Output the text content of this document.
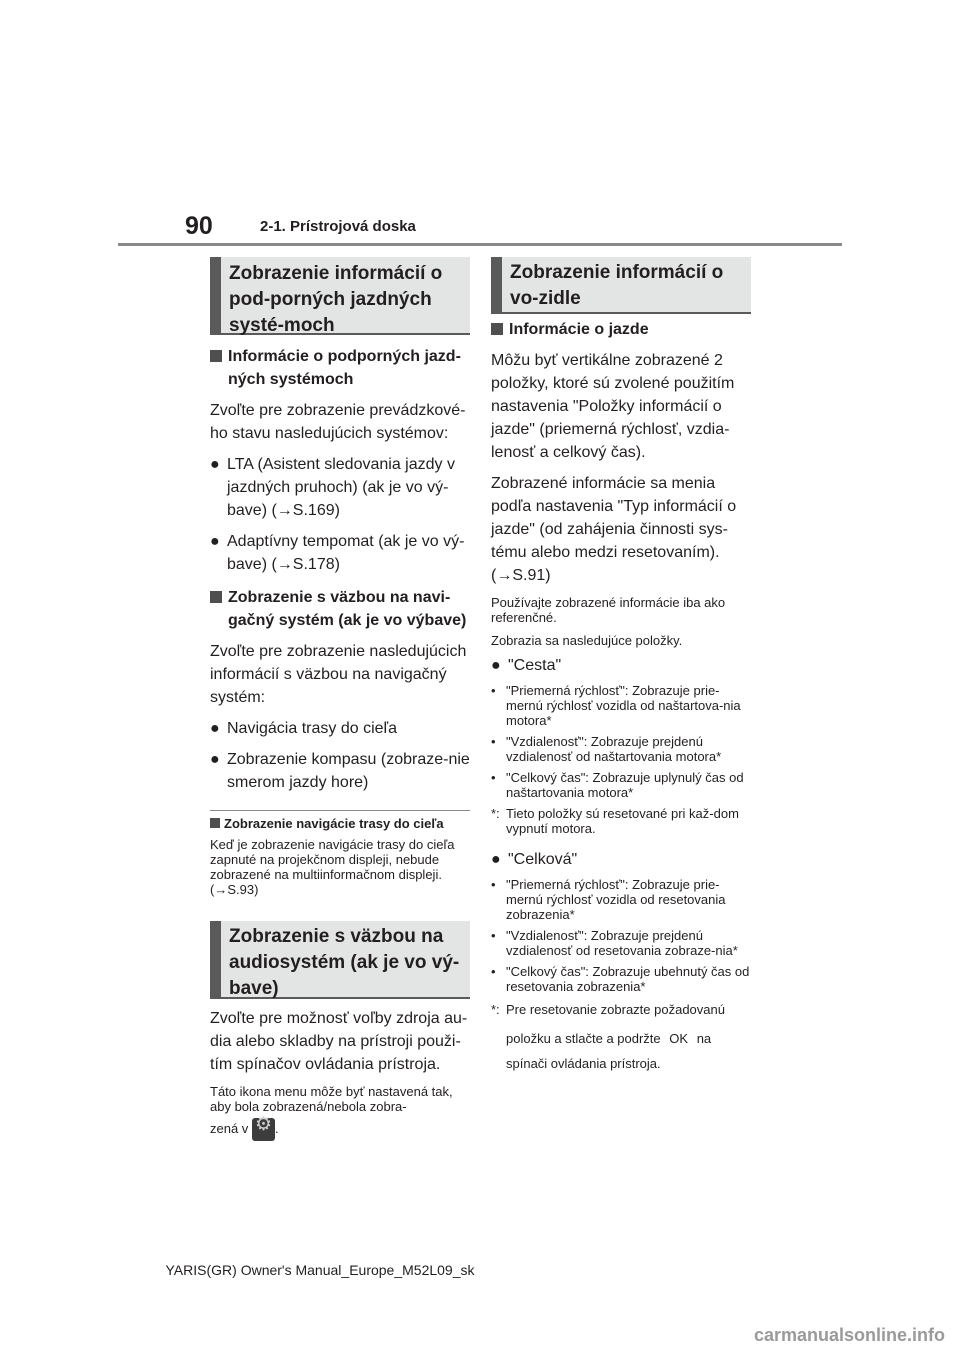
90	2-1. Prístrojová doska
Zobrazenie informácií o pod-porných jazdných systé-moch
Informácie o podporných jazd-ných systémoch
Zvoľte pre zobrazenie prevádzkové-ho stavu nasledujúcich systémov:
● LTA (Asistent sledovania jazdy v jazdných pruhoch) (ak je vo vý-bave) (→S.169)
● Adaptívny tempomat (ak je vo vý-bave) (→S.178)
Zobrazenie s väzbou na navi-gačný systém (ak je vo výbave)
Zvoľte pre zobrazenie nasledujúcich informácií s väzbou na navigačný systém:
● Navigácia trasy do cieľa
● Zobrazenie kompasu (zobraze-nie smerom jazdy hore)
Zobrazenie navigácie trasy do cieľa
Keď je zobrazenie navigácie trasy do cieľa zapnuté na projekčnom displeji, nebude zobrazené na multiinformačnom displeji. (→S.93)
Zobrazenie s väzbou na audiosystém (ak je vo vý-bave)
Zvoľte pre možnosť voľby zdroja au-dia alebo skladby na prístroji použi-tím spínačov ovládania prístroja.
Táto ikona menu môže byť nastavená tak, aby bola zobrazená/nebola zobra-
zená v ⚙ .
Zobrazenie informácií o vo-zidle
Informácie o jazde
Môžu byť vertikálne zobrazené 2 položky, ktoré sú zvolené použitím nastavenia "Položky informácií o jazde" (priemerná rýchlosť, vzdia-lenosť a celkový čas).
Zobrazené informácie sa menia podľa nastavenia "Typ informácií o jazde" (od zahájenia činnosti sys-tému alebo medzi resetovaním). (→S.91)
Používajte zobrazené informácie iba ako referenčné.
Zobrazia sa nasledujúce položky.
● "Cesta"
• "Priemerná rýchlosť": Zobrazuje prie-mernú rýchlosť vozidla od naštartova-nia motora*
• "Vzdialenosť": Zobrazuje prejdenú vzdialenosť od naštartovania motora*
• "Celkový čas": Zobrazuje uplynulý čas od naštartovania motora*
*: Tieto položky sú resetované pri kaž-dom vypnutí motora.
● "Celková"
• "Priemerná rýchlosť": Zobrazuje prie-mernú rýchlosť vozidla od resetovania zobrazenia*
• "Vzdialenosť": Zobrazuje prejdenú vzdialenosť od resetovania zobraze-nia*
• "Celkový čas": Zobrazuje ubehnutý čas od resetovania zobrazenia*
*: Pre resetovanie zobrazte požadovanú
položku a stlačte a podržte OK na
spínači ovládania prístroja.
YARIS(GR) Owner's Manual_Europe_M52L09_sk
carmanualsonline.info
